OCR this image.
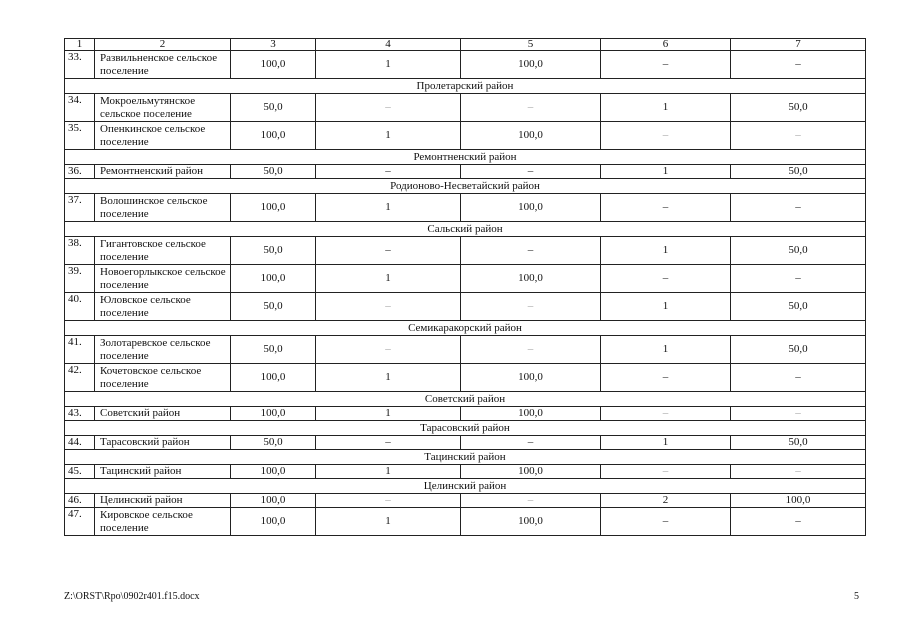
1	2	3	4	5	6	7
33.	Развильненское сельское поселение	100,0	1	100,0	–	–
Пролетарский район						
34.	Мокроельмутянское сельское поселение	50,0	–	–	1	50,0
35.	Опенкинское сельское поселение	100,0	1	100,0	–	–
Ремонтненский район						
36.	Ремонтненский район	50,0	–	–	1	50,0
Родионово-Несветайский район						
37.	Волошинское сельское поселение	100,0	1	100,0	–	–
Сальский район						
38.	Гигантовское сельское поселение	50,0	–	–	1	50,0
39.	Новоегорлыкское сельское поселение	100,0	1	100,0	–	–
40.	Юловское сельское поселение	50,0	–	–	1	50,0
Семикаракорский район						
41.	Золотаревское сельское поселение	50,0	–	–	1	50,0
42.	Кочетовское сельское поселение	100,0	1	100,0	–	–
Советский район						
43.	Советский район	100,0	1	100,0	–	–
Тарасовский район						
44.	Тарасовский район	50,0	–	–	1	50,0
Тацинский район						
45.	Тацинский район	100,0	1	100,0	–	–
Целинский район						
46.	Целинский район	100,0	–	–	2	100,0
47.	Кировское сельское поселение	100,0	1	100,0	–	–
Z:\ORST\Rpo\0902r401.f15.docx	5
